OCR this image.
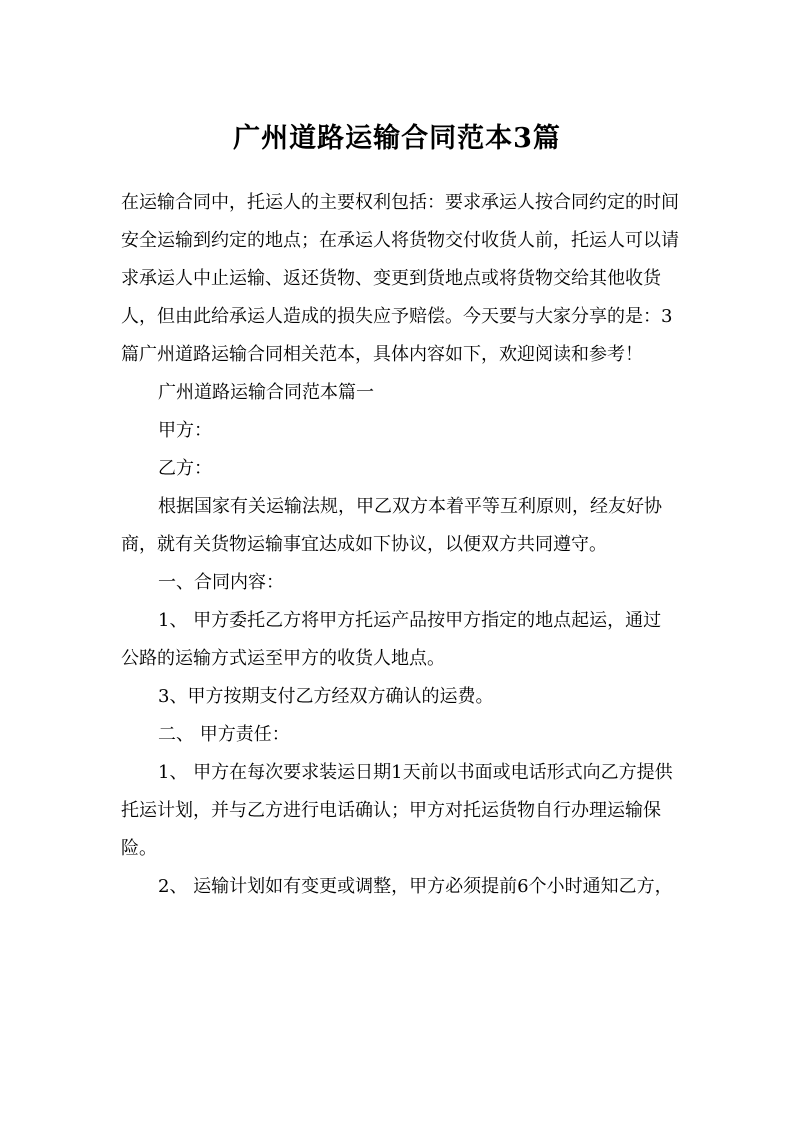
广州道路运输合同范本3篇

在运输合同中，托运人的主要权利包括：要求承运人按合同约定的时间安全运输到约定的地点；在承运人将货物交付收货人前，托运人可以请求承运人中止运输、返还货物、变更到货地点或将货物交给其他收货人，但由此给承运人造成的损失应予赔偿。今天要与大家分享的是：3篇广州道路运输合同相关范本，具体内容如下，欢迎阅读和参考！

广州道路运输合同范本篇一

甲方：

乙方：

根据国家有关运输法规，甲乙双方本着平等互利原则，经友好协商，就有关货物运输事宜达成如下协议，以便双方共同遵守。

一、合同内容：

1、 甲方委托乙方将甲方托运产品按甲方指定的地点起运，通过公路的运输方式运至甲方的收货人地点。

3、甲方按期支付乙方经双方确认的运费。

二、 甲方责任：

1、 甲方在每次要求装运日期1天前以书面或电话形式向乙方提供托运计划，并与乙方进行电话确认；甲方对托运货物自行办理运输保险。

2、 运输计划如有变更或调整，甲方必须提前6个小时通知乙方，
